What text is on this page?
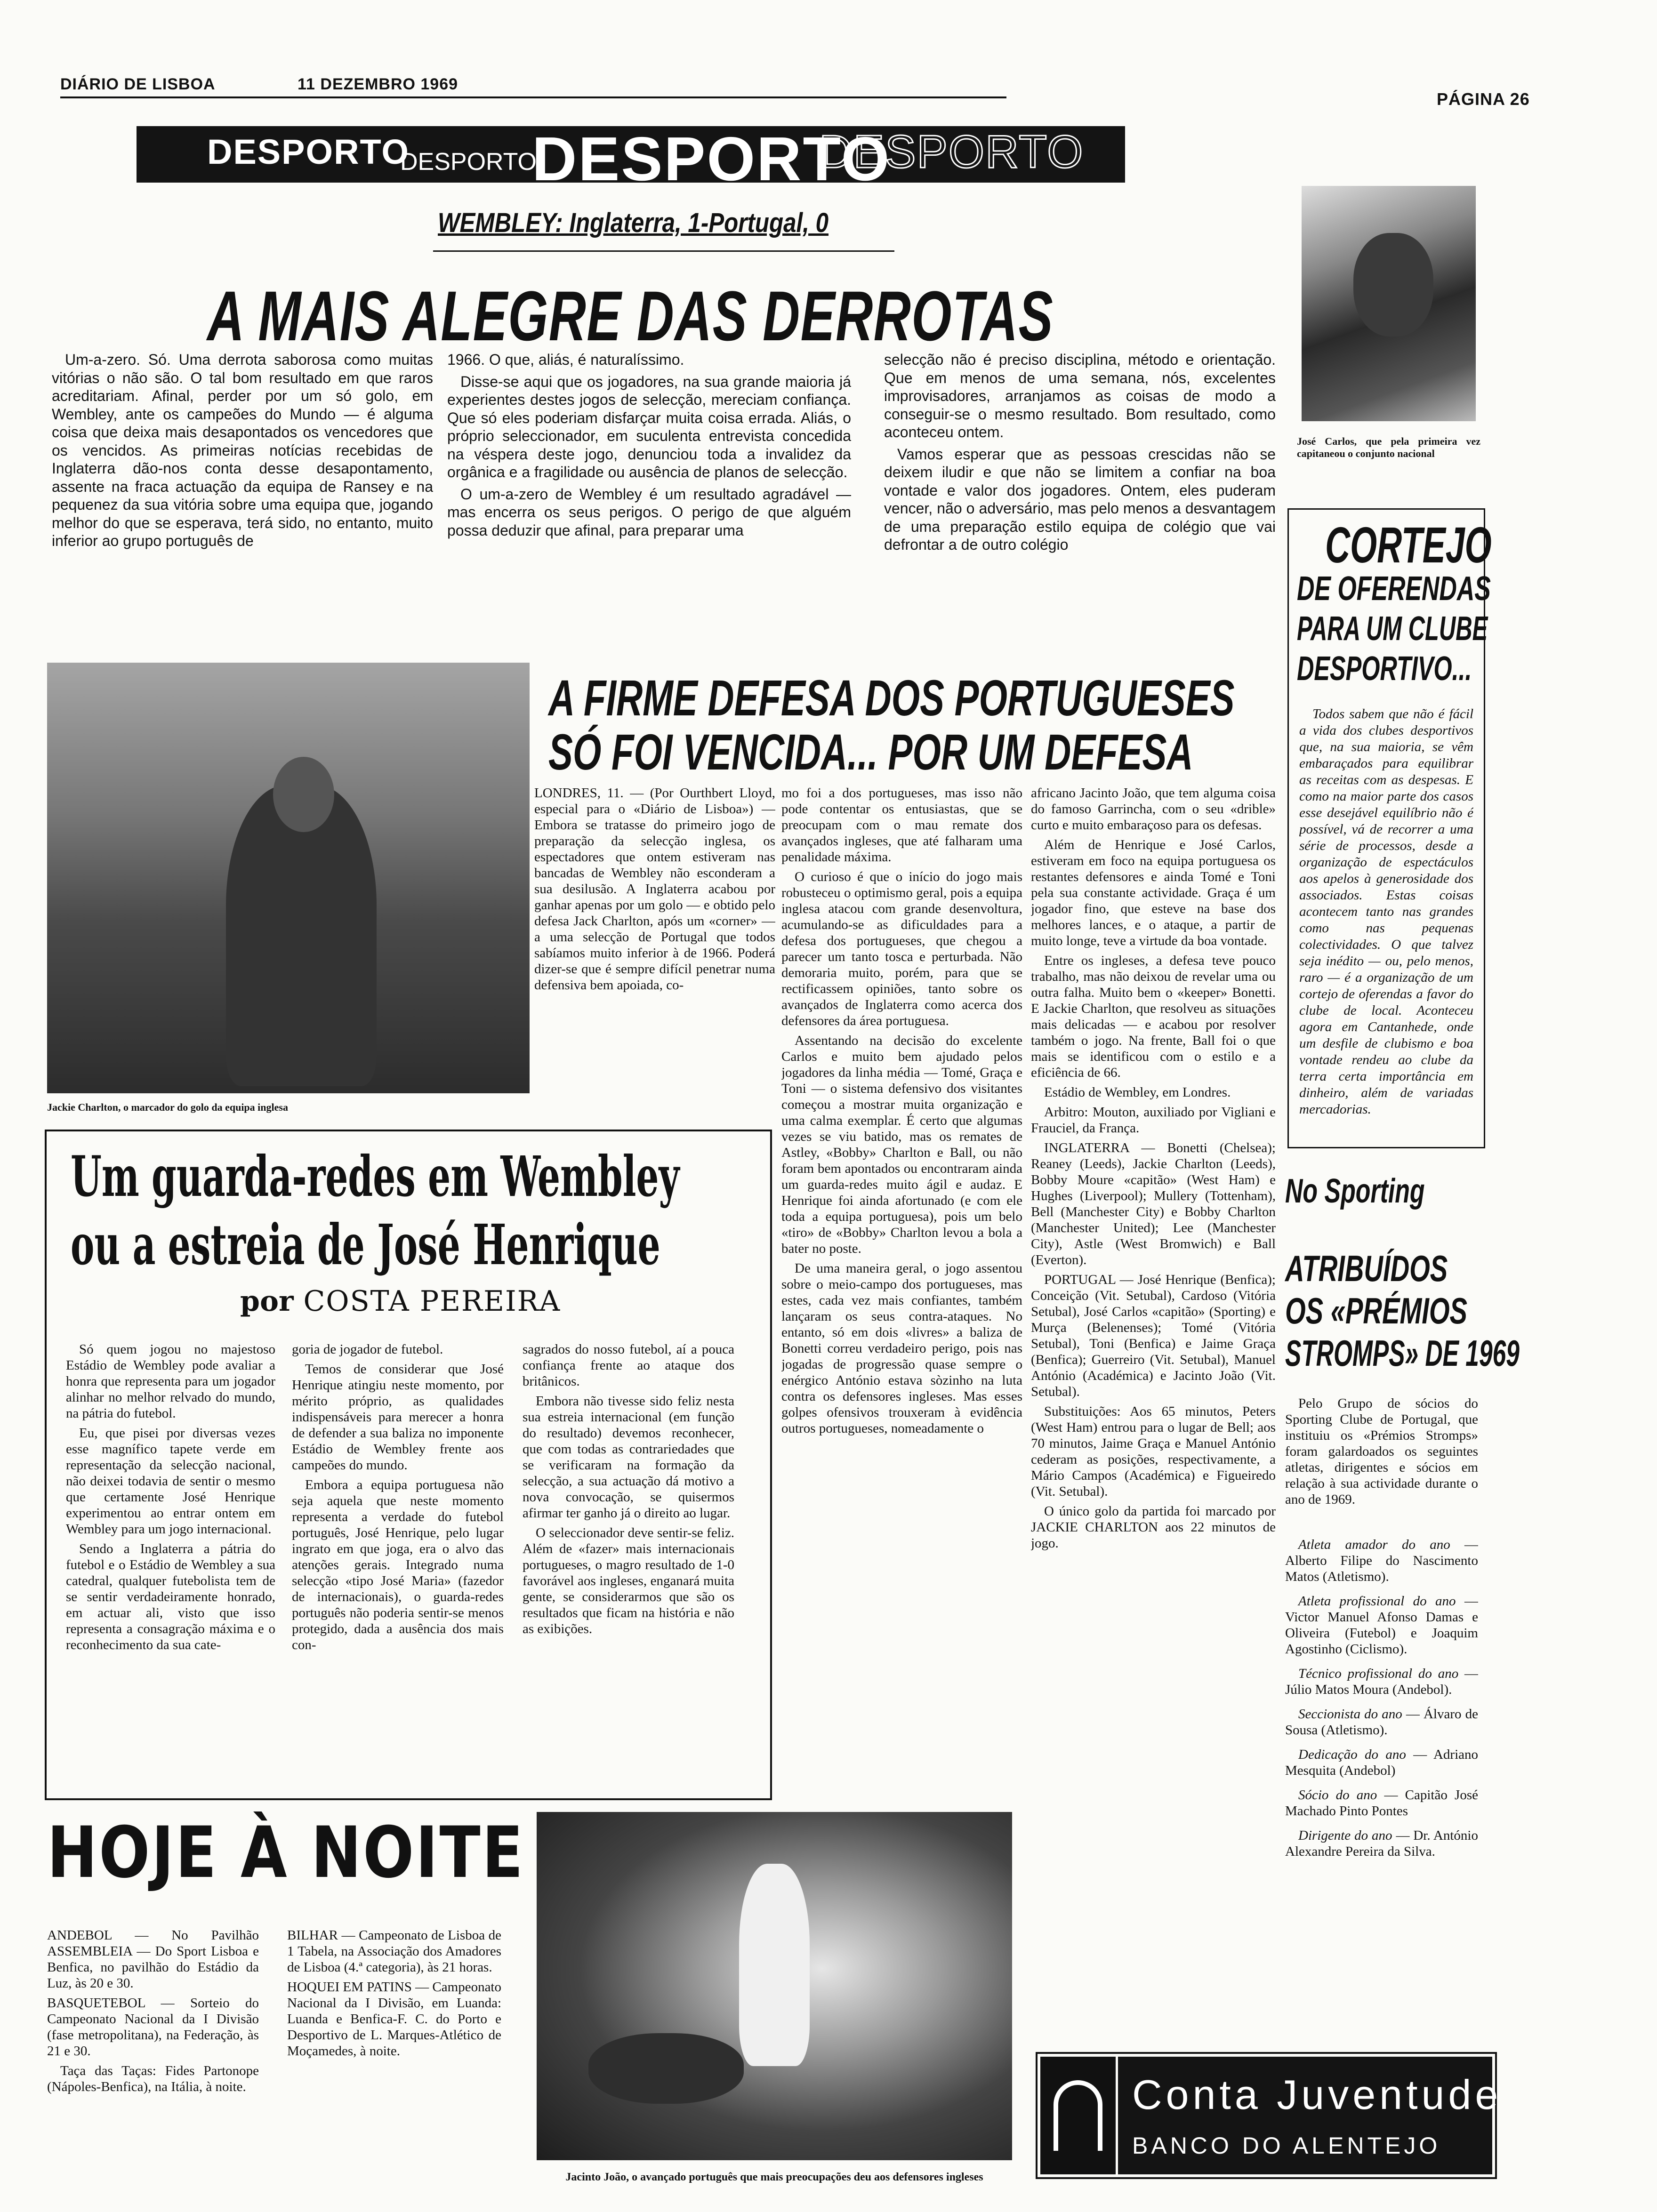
DIÁRIO DE LISBOA	11 DEZEMBRO 1969
PÁGINA 26
DESPORTO
DESPORTO
DESPORTO
DESPORTO
WEMBLEY: Inglaterra, 1-Portugal, 0
A MAIS ALEGRE DAS DERROTAS

Um-a-zero. Só. Uma derrota saborosa como muitas vitórias o não são. O tal bom resultado em que raros acreditariam. Afinal, perder por um só golo, em Wembley, ante os campeões do Mundo — é alguma coisa que deixa mais desapontados os vencedores que os vencidos. As primeiras notícias recebidas de Inglaterra dão-nos conta desse desapontamento, assente na fraca actuação da equipa de Ransey e na pequenez da sua vitória sobre uma equipa que, jogando melhor do que se esperava, terá sido, no entanto, muito inferior ao grupo português de

1966. O que, aliás, é naturalíssimo.

Disse-se aqui que os jogadores, na sua grande maioria já experientes destes jogos de selecção, mereciam confiança. Que só eles poderiam disfarçar muita coisa errada. Aliás, o próprio seleccionador, em suculenta entrevista concedida na véspera deste jogo, denunciou toda a invalidez da orgânica e a fragilidade ou ausência de planos de selecção.

O um-a-zero de Wembley é um resultado agradável — mas encerra os seus perigos. O perigo de que alguém possa deduzir que afinal, para preparar uma

selecção não é preciso disciplina, método e orientação. Que em menos de uma semana, nós, excelentes improvisadores, arranjamos as coisas de modo a conseguir-se o mesmo resultado. Bom resultado, como aconteceu ontem.

Vamos esperar que as pessoas crescidas não se deixem iludir e que não se limitem a confiar na boa vontade e valor dos jogadores. Ontem, eles puderam vencer, não o adversário, mas pelo menos a desvantagem de uma preparação estilo equipa de colégio que vai defrontar a de outro colégio

José Carlos, que pela primeira vez capitaneou o conjunto nacional
Jackie Charlton, o marcador do golo da equipa inglesa
A FIRME DEFESA DOS PORTUGUESES
SÓ FOI VENCIDA... POR UM DEFESA

LONDRES, 11. — (Por Ourthbert Lloyd, especial para o «Diário de Lisboa») — Embora se tratasse do primeiro jogo de preparação da selecção inglesa, os espectadores que ontem estiveram nas bancadas de Wembley não esconderam a sua desilusão. A Inglaterra acabou por ganhar apenas por um golo — e obtido pelo defesa Jack Charlton, após um «corner» — a uma selecção de Portugal que todos sabíamos muito inferior à de 1966. Poderá dizer-se que é sempre difícil penetrar numa defensiva bem apoiada, co-

mo foi a dos portugueses, mas isso não pode contentar os entusiastas, que se preocupam com o mau remate dos avançados ingleses, que até falharam uma penalidade máxima.

O curioso é que o início do jogo mais robusteceu o optimismo geral, pois a equipa inglesa atacou com grande desenvoltura, acumulando-se as dificuldades para a defesa dos portugueses, que chegou a parecer um tanto tosca e perturbada. Não demoraria muito, porém, para que se rectificassem opiniões, tanto sobre os avançados de Inglaterra como acerca dos defensores da área portuguesa.

Assentando na decisão do excelente Carlos e muito bem ajudado pelos jogadores da linha média — Tomé, Graça e Toni — o sistema defensivo dos visitantes começou a mostrar muita organização e uma calma exemplar. É certo que algumas vezes se viu batido, mas os remates de Astley, «Bobby» Charlton e Ball, ou não foram bem apontados ou encontraram ainda um guarda-redes muito ágil e audaz. E Henrique foi ainda afortunado (e com ele toda a equipa portuguesa), pois um belo «tiro» de «Bobby» Charlton levou a bola a bater no poste.

De uma maneira geral, o jogo assentou sobre o meio-campo dos portugueses, mas estes, cada vez mais confiantes, também lançaram os seus contra-ataques. No entanto, só em dois «livres» a baliza de Bonetti correu verdadeiro perigo, pois nas jogadas de progressão quase sempre o enérgico António estava sòzinho na luta contra os defensores ingleses. Mas esses golpes ofensivos trouxeram à evidência outros portugueses, nomeadamente o

africano Jacinto João, que tem alguma coisa do famoso Garrincha, com o seu «drible» curto e muito embaraçoso para os defesas.

Além de Henrique e José Carlos, estiveram em foco na equipa portuguesa os restantes defensores e ainda Tomé e Toni pela sua constante actividade. Graça é um jogador fino, que esteve na base dos melhores lances, e o ataque, a partir de muito longe, teve a virtude da boa vontade.

Entre os ingleses, a defesa teve pouco trabalho, mas não deixou de revelar uma ou outra falha. Muito bem o «keeper» Bonetti. E Jackie Charlton, que resolveu as situações mais delicadas — e acabou por resolver também o jogo. Na frente, Ball foi o que mais se identificou com o estilo e a eficiência de 66.

Estádio de Wembley, em Londres.

Arbitro: Mouton, auxiliado por Vigliani e Frauciel, da França.

INGLATERRA — Bonetti (Chelsea); Reaney (Leeds), Jackie Charlton (Leeds), Bobby Moure «capitão» (West Ham) e Hughes (Liverpool); Mullery (Tottenham), Bell (Manchester City) e Bobby Charlton (Manchester United); Lee (Manchester City), Astle (West Bromwich) e Ball (Everton).

PORTUGAL — José Henrique (Benfica); Conceição (Vit. Setubal), Cardoso (Vitória Setubal), José Carlos «capitão» (Sporting) e Murça (Belenenses); Tomé (Vitória Setubal), Toni (Benfica) e Jaime Graça (Benfica); Guerreiro (Vit. Setubal), Manuel António (Académica) e Jacinto João (Vit. Setubal).

Substituições: Aos 65 minutos, Peters (West Ham) entrou para o lugar de Bell; aos 70 minutos, Jaime Graça e Manuel António cederam as posições, respectivamente, a Mário Campos (Académica) e Figueiredo (Vit. Setubal).

O único golo da partida foi marcado por JACKIE CHARLTON aos 22 minutos de jogo.

Um guarda-redes em Wembley
ou a estreia de José Henrique
por COSTA PEREIRA

Só quem jogou no majestoso Estádio de Wembley pode avaliar a honra que representa para um jogador alinhar no melhor relvado do mundo, na pátria do futebol.

Eu, que pisei por diversas vezes esse magnífico tapete verde em representação da selecção nacional, não deixei todavia de sentir o mesmo que certamente José Henrique experimentou ao entrar ontem em Wembley para um jogo internacional.

Sendo a Inglaterra a pátria do futebol e o Estádio de Wembley a sua catedral, qualquer futebolista tem de se sentir verdadeiramente honrado, em actuar ali, visto que isso representa a consagração máxima e o reconhecimento da sua cate-

goria de jogador de futebol.

Temos de considerar que José Henrique atingiu neste momento, por mérito próprio, as qualidades indispensáveis para merecer a honra de defender a sua baliza no imponente Estádio de Wembley frente aos campeões do mundo.

Embora a equipa portuguesa não seja aquela que neste momento representa a verdade do futebol português, José Henrique, pelo lugar ingrato em que joga, era o alvo das atenções gerais. Integrado numa selecção «tipo José Maria» (fazedor de internacionais), o guarda-redes português não poderia sentir-se menos protegido, dada a ausência dos mais con-

sagrados do nosso futebol, aí a pouca confiança frente ao ataque dos britânicos.

Embora não tivesse sido feliz nesta sua estreia internacional (em função do resultado) devemos reconhecer, que com todas as contrariedades que se verificaram na formação da selecção, a sua actuação dá motivo a nova convocação, se quisermos afirmar ter ganho já o direito ao lugar.

O seleccionador deve sentir-se feliz. Além de «fazer» mais internacionais portugueses, o magro resultado de 1-0 favorável aos ingleses, enganará muita gente, se considerarmos que são os resultados que ficam na história e não as exibições.

HOJE À NOITE

ANDEBOL — No Pavilhão ASSEMBLEIA — Do Sport Lisboa e Benfica, no pavilhão do Estádio da Luz, às 20 e 30.

BASQUETEBOL — Sorteio do Campeonato Nacional da I Divisão (fase metropolitana), na Federação, às 21 e 30.

Taça das Taças: Fides Partonope (Nápoles-Benfica), na Itália, à noite.

BILHAR — Campeonato de Lisboa de 1 Tabela, na Associação dos Amadores de Lisboa (4.ª categoria), às 21 horas.

HOQUEI EM PATINS — Campeonato Nacional da I Divisão, em Luanda: Luanda e Benfica-F. C. do Porto e Desportivo de L. Marques-Atlético de Moçamedes, à noite.

Jacinto João, o avançado português que mais preocupações deu aos defensores ingleses
CORTEJO
DE OFERENDAS
PARA UM CLUBE
DESPORTIVO...
Todos sabem que não é fácil a vida dos clubes desportivos que, na sua maioria, se vêm embaraçados para equilibrar as receitas com as despesas. E como na maior parte dos casos esse desejável equilíbrio não é possível, vá de recorrer a uma série de processos, desde a organização de espectáculos aos apelos à generosidade dos associados. Estas coisas acontecem tanto nas grandes como nas pequenas colectividades. O que talvez seja inédito — ou, pelo menos, raro — é a organização de um cortejo de oferendas a favor do clube de local. Aconteceu agora em Cantanhede, onde um desfile de clubismo e boa vontade rendeu ao clube da terra certa importância em dinheiro, além de variadas mercadorias.
No Sporting
ATRIBUÍDOS
OS «PRÉMIOS
STROMPS» DE 1969

Pelo Grupo de sócios do Sporting Clube de Portugal, que instituiu os «Prémios Stromps» foram galardoados os seguintes atletas, dirigentes e sócios em relação à sua actividade durante o ano de 1969.

Atleta amador do ano — Alberto Filipe do Nascimento Matos (Atletismo).

Atleta profissional do ano — Victor Manuel Afonso Damas e Oliveira (Futebol) e Joaquim Agostinho (Ciclismo).

Técnico profissional do ano — Júlio Matos Moura (Andebol).

Seccionista do ano — Álvaro de Sousa (Atletismo).

Dedicação do ano — Adriano Mesquita (Andebol)

Sócio do ano — Capitão José Machado Pinto Pontes

Dirigente do ano — Dr. António Alexandre Pereira da Silva.

Conta Juventude
BANCO DO ALENTEJO
